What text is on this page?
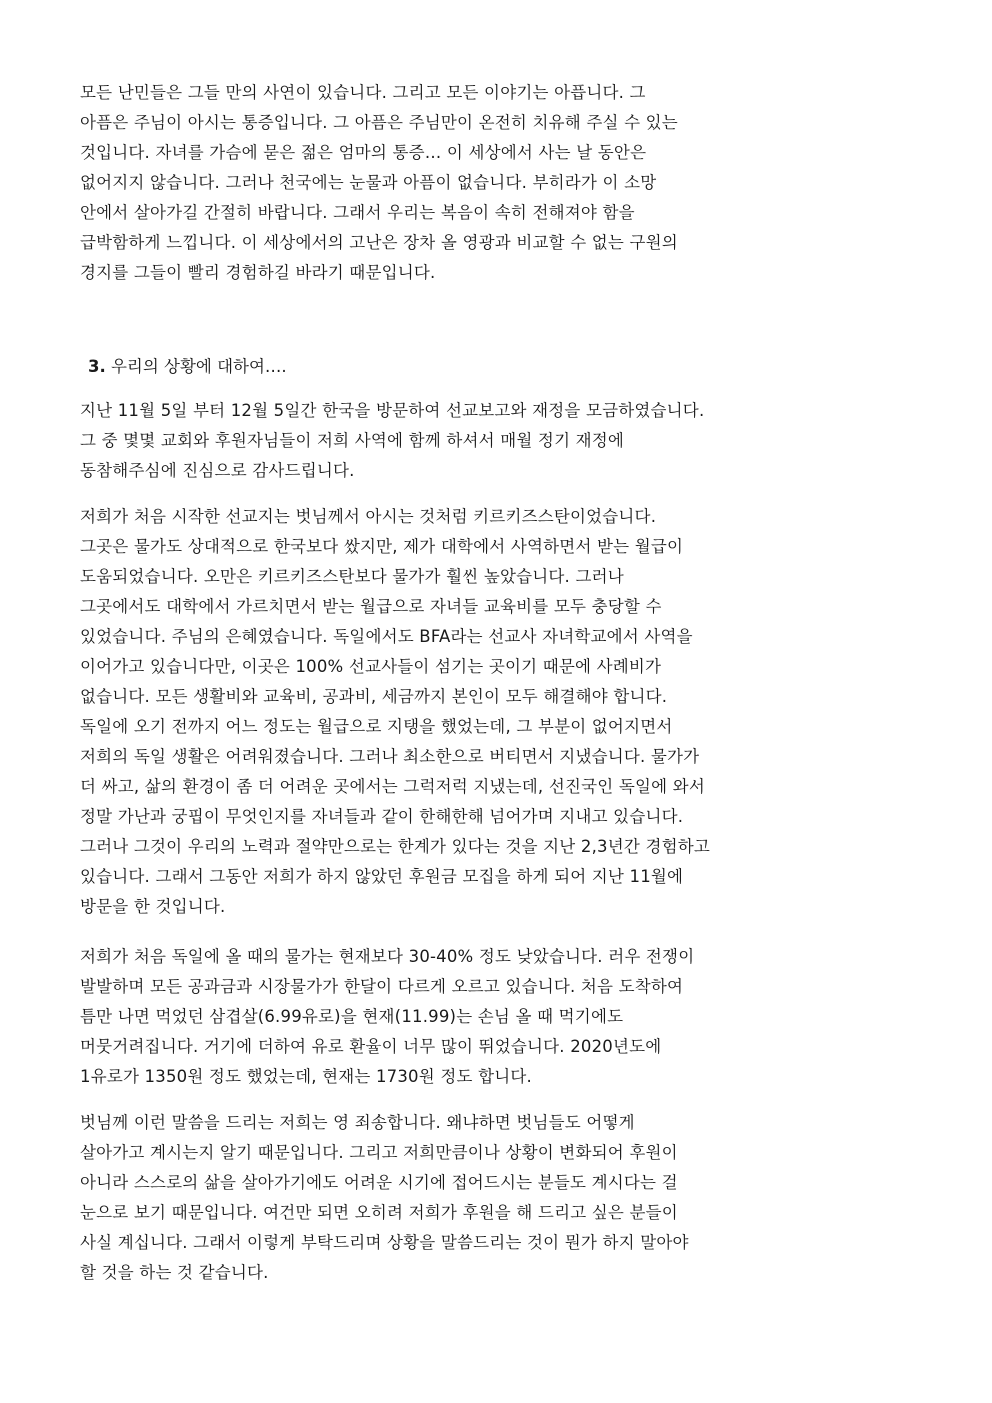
모든 난민들은 그들 만의 사연이 있습니다. 그리고 모든 이야기는 아픕니다. 그
아픔은 주님이 아시는 통증입니다. 그 아픔은 주님만이 온전히 치유해 주실 수 있는
것입니다. 자녀를 가슴에 묻은 젊은 엄마의 통증… 이 세상에서 사는 날 동안은
없어지지 않습니다. 그러나 천국에는 눈물과 아픔이 없습니다. 부히라가 이 소망
안에서 살아가길 간절히 바랍니다. 그래서 우리는 복음이 속히 전해져야 함을
급박함하게 느낍니다. 이 세상에서의 고난은 장차 올 영광과 비교할 수 없는 구원의
경지를 그들이 빨리 경험하길 바라기 때문입니다.
3. 우리의 상황에 대하여….
지난 11월 5일 부터 12월 5일간 한국을 방문하여 선교보고와 재정을 모금하였습니다.
그 중 몇몇 교회와 후원자님들이 저희 사역에 함께 하셔서 매월 정기 재정에
동참해주심에 진심으로 감사드립니다.
저희가 처음 시작한 선교지는 벗님께서 아시는 것처럼 키르키즈스탄이었습니다.
그곳은 물가도 상대적으로 한국보다 쌌지만, 제가 대학에서 사역하면서 받는 월급이
도움되었습니다. 오만은 키르키즈스탄보다 물가가 훨씬 높았습니다. 그러나
그곳에서도 대학에서 가르치면서 받는 월급으로 자녀들 교육비를 모두 충당할 수
있었습니다. 주님의 은혜였습니다. 독일에서도 BFA라는 선교사 자녀학교에서 사역을
이어가고 있습니다만, 이곳은 100% 선교사들이 섬기는 곳이기 때문에 사례비가
없습니다. 모든 생활비와 교육비, 공과비, 세금까지 본인이 모두 해결해야 합니다.
독일에 오기 전까지 어느 정도는 월급으로 지탱을 했었는데, 그 부분이 없어지면서
저희의 독일 생활은 어려워졌습니다. 그러나 최소한으로 버티면서 지냈습니다. 물가가
더 싸고, 삶의 환경이 좀 더 어려운 곳에서는 그럭저럭 지냈는데, 선진국인 독일에 와서
정말 가난과 궁핍이 무엇인지를 자녀들과 같이 한해한해 넘어가며 지내고 있습니다.
그러나 그것이 우리의 노력과 절약만으로는 한계가 있다는 것을 지난 2,3년간 경험하고
있습니다. 그래서 그동안 저희가 하지 않았던 후원금 모집을 하게 되어 지난 11월에
방문을 한 것입니다.
저희가 처음 독일에 올 때의 물가는 현재보다 30-40% 정도 낮았습니다. 러우 전쟁이
발발하며 모든 공과금과 시장물가가 한달이 다르게 오르고 있습니다. 처음 도착하여
틈만 나면 먹었던 삼겹살(6.99유로)을 현재(11.99)는 손님 올 때 먹기에도
머뭇거려집니다. 거기에 더하여 유로 환율이 너무 많이 뛰었습니다. 2020년도에
1유로가 1350원 정도 했었는데, 현재는 1730원 정도 합니다.
벗님께 이런 말씀을 드리는 저희는 영 죄송합니다. 왜냐하면 벗님들도 어떻게
살아가고 계시는지 알기 때문입니다. 그리고 저희만큼이나 상황이 변화되어 후원이
아니라 스스로의 삶을 살아가기에도 어려운 시기에 접어드시는 분들도 계시다는 걸
눈으로 보기 때문입니다. 여건만 되면 오히려 저희가 후원을 해 드리고 싶은 분들이
사실 계십니다. 그래서 이렇게 부탁드리며 상황을 말씀드리는 것이 뭔가 하지 말아야
할 것을 하는 것 같습니다.
